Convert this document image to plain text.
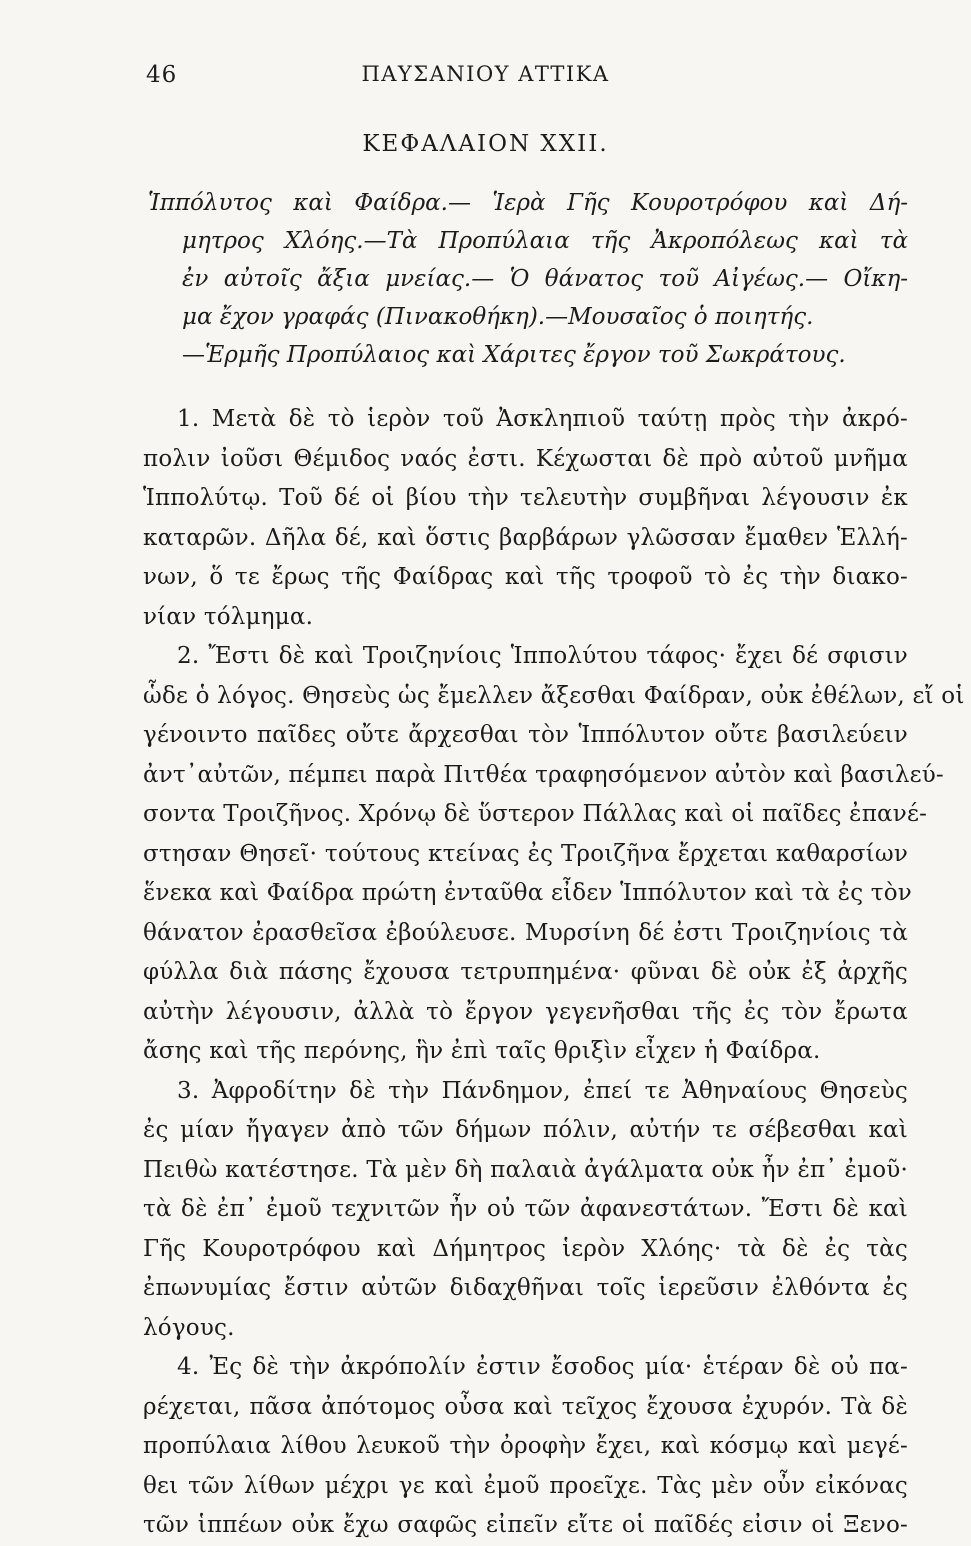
46	ΠΑΥΣΑΝΙΟΥ ΑΤΤΙΚΑ
ΚΕΦΑΛΑΙΟΝ XXII.
Ἱππόλυτος καὶ Φαίδρα.— Ἱερὰ Γῆς Κουροτρόφου καὶ Δή-
μητρος Χλόης.—Τὰ Προπύλαια τῆς Ἀκροπόλεως καὶ τὰ
ἐν αὐτοῖς ἄξια μνείας.— Ὁ θάνατος τοῦ Αἰγέως.— Οἴκη-
μα ἔχον γραφάς (Πινακοθήκη).—Μουσαῖος ὁ ποιητής.
—Ἑρμῆς Προπύλαιος καὶ Χάριτες ἔργον τοῦ Σωκράτους.
1. Μετὰ δὲ τὸ ἱερὸν τοῦ Ἀσκληπιοῦ ταύτῃ πρὸς τὴν ἀκρό-
πολιν ἰοῦσι Θέμιδος ναός ἐστι. Κέχωσται δὲ πρὸ αὐτοῦ μνῆμα
Ἱππολύτῳ. Τοῦ δέ οἱ βίου τὴν τελευτὴν συμβῆναι λέγουσιν ἐκ
καταρῶν. Δῆλα δέ, καὶ ὅστις βαρβάρων γλῶσσαν ἔμαθεν Ἑλλή-
νων, ὅ τε ἔρως τῆς Φαίδρας καὶ τῆς τροφοῦ τὸ ἐς τὴν διακο-
νίαν τόλμημα.
2. Ἔστι δὲ καὶ Τροιζηνίοις Ἱππολύτου τάφος· ἔχει δέ σφισιν
ὧδε ὁ λόγος. Θησεὺς ὡς ἔμελλεν ἄξεσθαι Φαίδραν, οὐκ ἐθέλων, εἴ οἱ
γένοιντο παῖδες οὔτε ἄρχεσθαι τὸν Ἱππόλυτον οὔτε βασιλεύειν
ἀντ᾽αὐτῶν, πέμπει παρὰ Πιτθέα τραφησόμενον αὐτὸν καὶ βασιλεύ-
σοντα Τροιζῆνος. Χρόνῳ δὲ ὕστερον Πάλλας καὶ οἱ παῖδες ἐπανέ-
στησαν Θησεῖ· τούτους κτείνας ἐς Τροιζῆνα ἔρχεται καθαρσίων
ἕνεκα καὶ Φαίδρα πρώτη ἐνταῦθα εἶδεν Ἱππόλυτον καὶ τὰ ἐς τὸν
θάνατον ἐρασθεῖσα ἐβούλευσε. Μυρσίνη δέ ἐστι Τροιζηνίοις τὰ
φύλλα διὰ πάσης ἔχουσα τετρυπημένα· φῦναι δὲ οὐκ ἐξ ἀρχῆς
αὐτὴν λέγουσιν, ἀλλὰ τὸ ἔργον γεγενῆσθαι τῆς ἐς τὸν ἔρωτα
ἄσης καὶ τῆς περόνης, ἣν ἐπὶ ταῖς θριξὶν εἶχεν ἡ Φαίδρα.
3. Ἀφροδίτην δὲ τὴν Πάνδημον, ἐπεί τε Ἀθηναίους Θησεὺς
ἐς μίαν ἤγαγεν ἀπὸ τῶν δήμων πόλιν, αὐτήν τε σέβεσθαι καὶ
Πειθὼ κατέστησε. Τὰ μὲν δὴ παλαιὰ ἀγάλματα οὐκ ἦν ἐπ᾽ ἐμοῦ·
τὰ δὲ ἐπ᾽ ἐμοῦ τεχνιτῶν ἦν οὐ τῶν ἀφανεστάτων. Ἔστι δὲ καὶ
Γῆς Κουροτρόφου καὶ Δήμητρος ἱερὸν Χλόης· τὰ δὲ ἐς τὰς
ἐπωνυμίας ἔστιν αὐτῶν διδαχθῆναι τοῖς ἱερεῦσιν ἐλθόντα ἐς
λόγους.
4. Ἐς δὲ τὴν ἀκρόπολίν ἐστιν ἔσοδος μία· ἑτέραν δὲ οὐ πα-
ρέχεται, πᾶσα ἀπότομος οὖσα καὶ τεῖχος ἔχουσα ἐχυρόν. Τὰ δὲ
προπύλαια λίθου λευκοῦ τὴν ὀροφὴν ἔχει, καὶ κόσμῳ καὶ μεγέ-
θει τῶν λίθων μέχρι γε καὶ ἐμοῦ προεῖχε. Τὰς μὲν οὖν εἰκόνας
τῶν ἱππέων οὐκ ἔχω σαφῶς εἰπεῖν εἴτε οἱ παῖδές εἰσιν οἱ Ξενο-
